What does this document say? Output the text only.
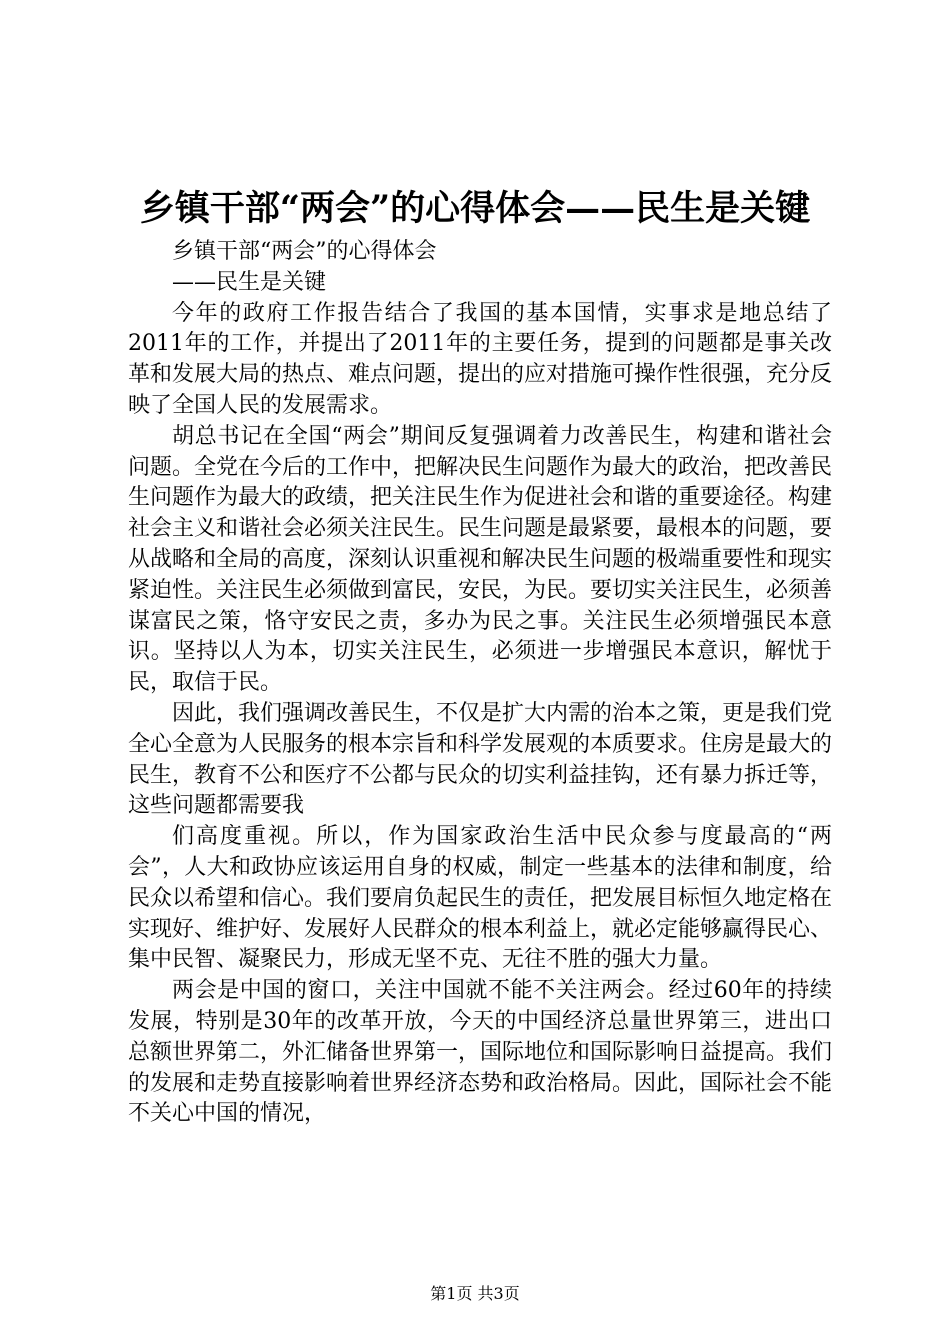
乡镇干部“两会”的心得体会——民生是关键

乡镇干部“两会”的心得体会

——民生是关键

今年的政府工作报告结合了我国的基本国情，实事求是地总结了2011年的工作，并提出了2011年的主要任务，提到的问题都是事关改革和发展大局的热点、难点问题，提出的应对措施可操作性很强，充分反映了全国人民的发展需求。

胡总书记在全国“两会”期间反复强调着力改善民生，构建和谐社会问题。全党在今后的工作中，把解决民生问题作为最大的政治，把改善民生问题作为最大的政绩，把关注民生作为促进社会和谐的重要途径。构建社会主义和谐社会必须关注民生。民生问题是最紧要，最根本的问题，要从战略和全局的高度，深刻认识重视和解决民生问题的极端重要性和现实紧迫性。关注民生必须做到富民，安民，为民。要切实关注民生，必须善谋富民之策，恪守安民之责，多办为民之事。关注民生必须增强民本意识。坚持以人为本，切实关注民生，必须进一步增强民本意识，解忧于民，取信于民。

因此，我们强调改善民生，不仅是扩大内需的治本之策，更是我们党全心全意为人民服务的根本宗旨和科学发展观的本质要求。住房是最大的民生，教育不公和医疗不公都与民众的切实利益挂钩，还有暴力拆迁等，这些问题都需要我

们高度重视。所以，作为国家政治生活中民众参与度最高的“两会”，人大和政协应该运用自身的权威，制定一些基本的法律和制度，给民众以希望和信心。我们要肩负起民生的责任，把发展目标恒久地定格在实现好、维护好、发展好人民群众的根本利益上，就必定能够赢得民心、集中民智、凝聚民力，形成无坚不克、无往不胜的强大力量。

两会是中国的窗口，关注中国就不能不关注两会。经过60年的持续发展，特别是30年的改革开放，今天的中国经济总量世界第三，进出口总额世界第二，外汇储备世界第一，国际地位和国际影响日益提高。我们的发展和走势直接影响着世界经济态势和政治格局。因此，国际社会不能不关心中国的情况，

第1页 共3页
